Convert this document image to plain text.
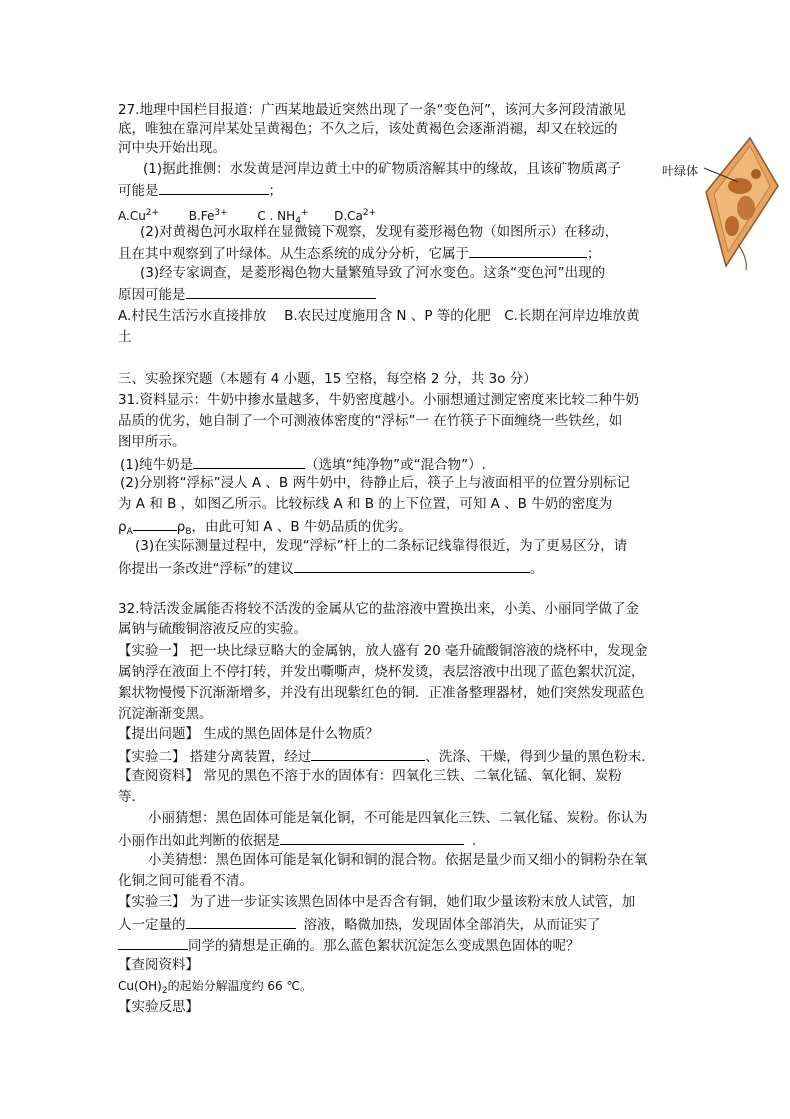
27.地理中国栏目报道：广西某地最近突然出现了一条“变色河”，该河大多河段清澈见
底，唯独在靠河岸某处呈黄褐色；不久之后，该处黄褐色会逐渐消褪，却又在较远的
河中央开始出现。
(1)据此推侧：水发黄是河岸边黄土中的矿物质溶解其中的缘故，且该矿物质离子
可能是	；
$A.Cu^{2+}$ $B.Fe^{3+}$ C . $NH_4^+$ $D.Ca^{2+}$
(2)对黄褐色河水取样在显微镜下观察，发现有菱形褐色物（如图所示）在移动，
且在其中观察到了叶绿体。从生态系统的成分分析，它属于	；
(3)经专家调查，是菱形褐色物大量繁殖导致了河水变色。这条“变色河”出现的
原因可能是
A.村民生活污水直接排放　 B.农民过度施用含 N 、P 等的化肥　C.长期在河岸边堆放黄
土
叶绿体
三、实验探究题（本题有 4 小题，15 空格，每空格 2 分，共 3o 分）
31.资料显示：牛奶中掺水量越多，牛奶密度越小。小丽想通过测定密度来比较二种牛奶
品质的优劣，她自制了一个可测液体密度的“浮标”一 在竹筷子下面缠绕一些铁丝，如
图甲所示。
(1)纯牛奶是	（选填“纯净物”或“混合物”）.
(2)分别将“浮标”浸人 A 、B 两牛奶中，待静止后，筷子上与液面相平的位置分别标记
为 A 和 B ，如图乙所示。比较标线 A 和 B 的上下位置，可知 A 、B 牛奶的密度为
$\rho_A$	$\rho_B$，由此可知 A 、B 牛奶品质的优劣。
(3)在实际测量过程中，发现“浮标”杆上的二条标记线靠得很近，为了更易区分，请
你提出一条改进“浮标”的建议	。
32.特活泼金属能否将较不活泼的金属从它的盐溶液中置换出来，小美、小丽同学做了金
属钠与硫酸铜溶液反应的实验。
【实验一】 把一块比绿豆略大的金属钠，放人盛有 20 毫升硫酸铜溶液的烧杯中，发现金
属钠浮在液面上不停打转，并发出嘶嘶声，烧杯发烫，表层溶液中出现了蓝色絮状沉淀，
絮状物慢慢下沉渐渐增多，并没有出现紫红色的铜．正准备整理器材，她们突然发现蓝色
沉淀渐渐变黑。
【提出问题】 生成的黑色固体是什么物质？
【实验二】 搭建分离装置，经过	、洗涤、干燥，得到少量的黑色粉末．
【查阅资料】 常见的黑色不溶于水的固体有：四氧化三铁、二氧化锰、氧化铜、炭粉
等．
小丽猜想：黑色固体可能是氧化铜，不可能是四氧化三铁、二氧化锰、炭粉。你认为
小丽作出如此判断的依据是	.
小美猜想：黑色固体可能是氧化铜和铜的混合物。依据是量少而又细小的铜粉杂在氧
化铜之间可能看不清。
【实验三】 为了进一步证实该黑色固体中是否含有铜，她们取少量该粉末放人试管，加
人一定量的	溶液，略微加热，发现固体全部消失，从而证实了
同学的猜想是正确的。那么蓝色絮状沉淀怎么变成黑色固体的呢？
【查阅资料】
$Cu(OH)_2$的起始分解温度约 66 ℃。
【实验反思】
